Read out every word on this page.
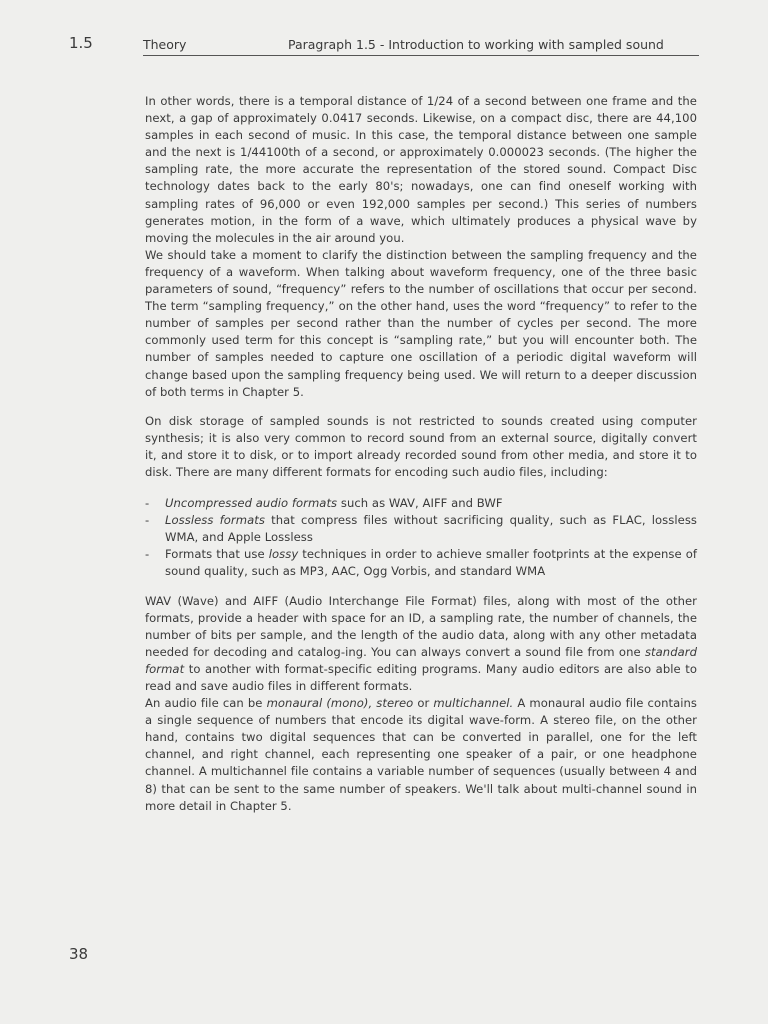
1.5	Theory	Paragraph 1.5 - Introduction to working with sampled sound

In other words, there is a temporal distance of 1/24 of a second between one frame and the next, a gap of approximately 0.0417 seconds. Likewise, on a compact disc, there are 44,100 samples in each second of music. In this case, the temporal distance between one sample and the next is 1/44100th of a second, or approximately 0.000023 seconds. (The higher the sampling rate, the more accurate the representation of the stored sound. Compact Disc technology dates back to the early 80's; nowadays, one can find oneself working with sampling rates of 96,000 or even 192,000 samples per second.) This series of numbers generates motion, in the form of a wave, which ultimately produces a physical wave by moving the molecules in the air around you.

We should take a moment to clarify the distinction between the sampling frequency and the frequency of a waveform. When talking about waveform frequency, one of the three basic parameters of sound, “frequency” refers to the number of oscillations that occur per second. The term “sampling frequency,” on the other hand, uses the word “frequency” to refer to the number of samples per second rather than the number of cycles per second. The more commonly used term for this concept is “sampling rate,” but you will encounter both. The number of samples needed to capture one oscillation of a periodic digital waveform will change based upon the sampling frequency being used. We will return to a deeper discussion of both terms in Chapter 5.

On disk storage of sampled sounds is not restricted to sounds created using computer synthesis; it is also very common to record sound from an external source, digitally convert it, and store it to disk, or to import already recorded sound from other media, and store it to disk. There are many different formats for encoding such audio files, including:

- Uncompressed audio formats such as WAV, AIFF and BWF
- Lossless formats that compress files without sacrificing quality, such as FLAC, lossless WMA, and Apple Lossless
- Formats that use lossy techniques in order to achieve smaller footprints at the expense of sound quality, such as MP3, AAC, Ogg Vorbis, and standard WMA

WAV (Wave) and AIFF (Audio Interchange File Format) files, along with most of the other formats, provide a header with space for an ID, a sampling rate, the number of channels, the number of bits per sample, and the length of the audio data, along with any other metadata needed for decoding and catalog-ing. You can always convert a sound file from one standard format to another with format-specific editing programs. Many audio editors are also able to read and save audio files in different formats.

An audio file can be monaural (mono), stereo or multichannel. A monaural audio file contains a single sequence of numbers that encode its digital wave-form. A stereo file, on the other hand, contains two digital sequences that can be converted in parallel, one for the left channel, and right channel, each representing one speaker of a pair, or one headphone channel. A multichannel file contains a variable number of sequences (usually between 4 and 8) that can be sent to the same number of speakers. We'll talk about multi-channel sound in more detail in Chapter 5.

38
